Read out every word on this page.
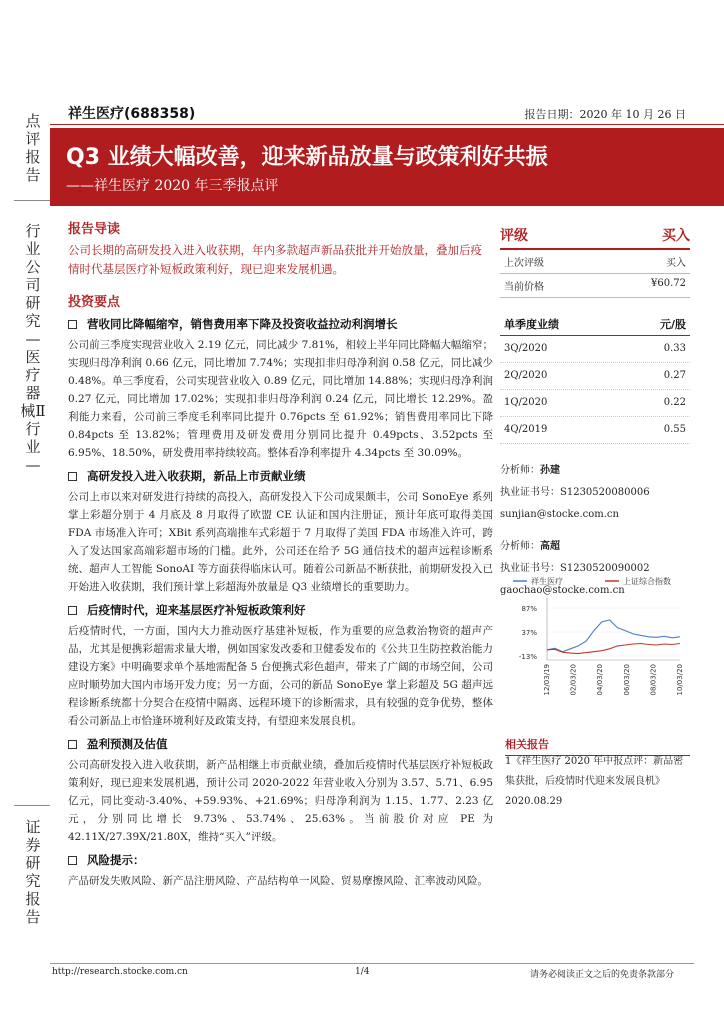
点评报告
行业公司研究—医疗器械Ⅱ行业—
证券研究报告
祥生医疗(688358)	报告日期：2020 年 10 月 26 日
Q3 业绩大幅改善，迎来新品放量与政策利好共振
——祥生医疗 2020 年三季报点评
报告导读
公司长期的高研发投入进入收获期，年内多款超声新品获批并开始放量，叠加后疫情时代基层医疗补短板政策利好，现已迎来发展机遇。
投资要点
营收同比降幅缩窄，销售费用率下降及投资收益拉动利润增长
公司前三季度实现营业收入 2.19 亿元，同比减少 7.81%，相较上半年同比降幅大幅缩窄；实现归母净利润 0.66 亿元，同比增加 7.74%；实现扣非归母净利润 0.58 亿元，同比减少 0.48%。单三季度看，公司实现营业收入 0.89 亿元，同比增加 14.88%；实现归母净利润 0.27 亿元，同比增加 17.02%；实现扣非归母净利润 0.24 亿元，同比增长 12.29%。盈利能力来看，公司前三季度毛利率同比提升 0.76pcts 至 61.92%；销售费用率同比下降 0.84pcts 至 13.82%；管理费用及研发费用分别同比提升 0.49pcts、3.52pcts 至 6.95%、18.50%，研发费用率持续较高。整体看净利率提升 4.34pcts 至 30.09%。
高研发投入进入收获期，新品上市贡献业绩
公司上市以来对研发进行持续的高投入，高研发投入下公司成果颇丰，公司 SonoEye 系列掌上彩超分别于 4 月底及 8 月取得了欧盟 CE 认证和国内注册证，预计年底可取得美国 FDA 市场准入许可；XBit 系列高端推车式彩超于 7 月取得了美国 FDA 市场准入许可，跨入了发达国家高端彩超市场的门槛。此外，公司还在给予 5G 通信技术的超声远程诊断系统、超声人工智能 SonoAI 等方面获得临床认可。随着公司新品不断获批，前期研发投入已开始进入收获期，我们预计掌上彩超海外放量是 Q3 业绩增长的重要助力。
后疫情时代，迎来基层医疗补短板政策利好
后疫情时代，一方面，国内大力推动医疗基建补短板，作为重要的应急救治物资的超声产品，尤其是便携彩超需求量大增，例如国家发改委和卫健委发布的《公共卫生防控救治能力建设方案》中明确要求单个基地需配备 5 台便携式彩色超声，带来了广阔的市场空间，公司应时顺势加大国内市场开发力度；另一方面，公司的新品 SonoEye 掌上彩超及 5G 超声远程诊断系统都十分契合在疫情中隔离、远程环境下的诊断需求，具有较强的竞争优势，整体看公司新品上市恰逢环境利好及政策支持，有望迎来发展良机。
盈利预测及估值
公司高研发投入进入收获期，新产品相继上市贡献业绩，叠加后疫情时代基层医疗补短板政策利好，现已迎来发展机遇，预计公司 2020-2022 年营业收入分别为 3.57、5.71、6.95 亿元，同比变动-3.40%、+59.93%、+21.69%；归母净利润为 1.15、1.77、2.23 亿元，分别同比增长 9.73%、53.74%、25.63%。当前股价对应 PE 为 42.11X/27.39X/21.80X，维持“买入”评级。
风险提示：
产品研发失败风险、新产品注册风险、产品结构单一风险、贸易摩擦风险、汇率波动风险。
评级	买入
上次评级	买入
当前价格	¥60.72
单季度业绩	元/股
3Q/2020	0.33
2Q/2020	0.27
1Q/2020	0.22
4Q/2019	0.55
分析师：孙建
执业证书号：S1230520080006
sunjian@stocke.com.cn
分析师：高超
执业证书号：S1230520090002
gaochao@stocke.com.cn
祥生医疗	上证综合指数
87%
37%
-13%
12/03/19	02/03/20	04/03/20	06/03/20	08/03/20	10/03/20
相关报告
1《祥生医疗 2020 年中报点评：新品密集获批，后疫情时代迎来发展良机》
2020.08.29
http://research.stocke.com.cn	1/4	请务必阅读正文之后的免责条款部分
